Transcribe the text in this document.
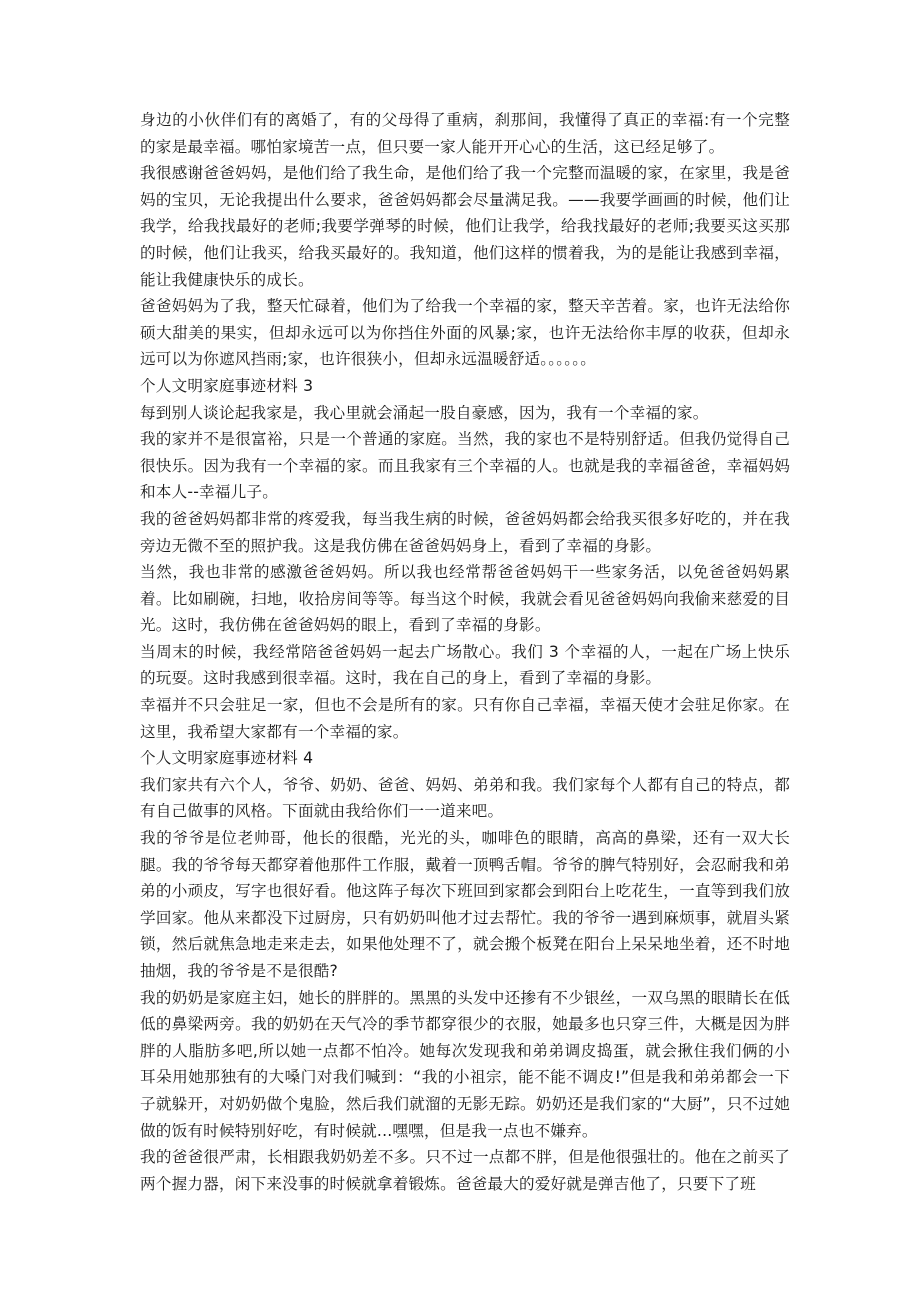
身边的小伙伴们有的离婚了，有的父母得了重病，刹那间，我懂得了真正的幸福:有一个完整的家是最幸福。哪怕家境苦一点，但只要一家人能开开心心的生活，这已经足够了。

我很感谢爸爸妈妈，是他们给了我生命，是他们给了我一个完整而温暖的家，在家里，我是爸妈的宝贝，无论我提出什么要求，爸爸妈妈都会尽量满足我。——我要学画画的时候，他们让我学，给我找最好的老师;我要学弹琴的时候，他们让我学，给我找最好的老师;我要买这买那的时候，他们让我买，给我买最好的。我知道，他们这样的惯着我，为的是能让我感到幸福，能让我健康快乐的成长。

爸爸妈妈为了我，整天忙碌着，他们为了给我一个幸福的家，整天辛苦着。家，也许无法给你硕大甜美的果实，但却永远可以为你挡住外面的风暴;家，也许无法给你丰厚的收获，但却永远可以为你遮风挡雨;家，也许很狭小，但却永远温暖舒适。。。。。。

个人文明家庭事迹材料 3

每到别人谈论起我家是，我心里就会涌起一股自豪感，因为，我有一个幸福的家。

我的家并不是很富裕，只是一个普通的家庭。当然，我的家也不是特别舒适。但我仍觉得自己很快乐。因为我有一个幸福的家。而且我家有三个幸福的人。也就是我的幸福爸爸，幸福妈妈和本人--幸福儿子。

我的爸爸妈妈都非常的疼爱我，每当我生病的时候，爸爸妈妈都会给我买很多好吃的，并在我旁边无微不至的照护我。这是我仿佛在爸爸妈妈身上，看到了幸福的身影。

当然，我也非常的感激爸爸妈妈。所以我也经常帮爸爸妈妈干一些家务活，以免爸爸妈妈累着。比如刷碗，扫地，收拾房间等等。每当这个时候，我就会看见爸爸妈妈向我偷来慈爱的目光。这时，我仿佛在爸爸妈妈的眼上，看到了幸福的身影。

当周末的时候，我经常陪爸爸妈妈一起去广场散心。我们 3 个幸福的人，一起在广场上快乐的玩耍。这时我感到很幸福。这时，我在自己的身上，看到了幸福的身影。

幸福并不只会驻足一家，但也不会是所有的家。只有你自己幸福，幸福天使才会驻足你家。在这里，我希望大家都有一个幸福的家。

个人文明家庭事迹材料 4

我们家共有六个人，爷爷、奶奶、爸爸、妈妈、弟弟和我。我们家每个人都有自己的特点，都有自己做事的风格。下面就由我给你们一一道来吧。

我的爷爷是位老帅哥，他长的很酷，光光的头，咖啡色的眼睛，高高的鼻梁，还有一双大长腿。我的爷爷每天都穿着他那件工作服，戴着一顶鸭舌帽。爷爷的脾气特别好，会忍耐我和弟弟的小顽皮，写字也很好看。他这阵子每次下班回到家都会到阳台上吃花生，一直等到我们放学回家。他从来都没下过厨房，只有奶奶叫他才过去帮忙。我的爷爷一遇到麻烦事，就眉头紧锁，然后就焦急地走来走去，如果他处理不了，就会搬个板凳在阳台上呆呆地坐着，还不时地抽烟，我的爷爷是不是很酷?

我的奶奶是家庭主妇，她长的胖胖的。黑黑的头发中还掺有不少银丝，一双乌黑的眼睛长在低低的鼻梁两旁。我的奶奶在天气冷的季节都穿很少的衣服，她最多也只穿三件，大概是因为胖胖的人脂肪多吧,所以她一点都不怕冷。她每次发现我和弟弟调皮捣蛋，就会揪住我们俩的小耳朵用她那独有的大嗓门对我们喊到：“我的小祖宗，能不能不调皮!”但是我和弟弟都会一下子就躲开，对奶奶做个鬼脸，然后我们就溜的无影无踪。奶奶还是我们家的“大厨”，只不过她做的饭有时候特别好吃，有时候就...嘿嘿，但是我一点也不嫌弃。

我的爸爸很严肃，长相跟我奶奶差不多。只不过一点都不胖，但是他很强壮的。他在之前买了两个握力器，闲下来没事的时候就拿着锻炼。爸爸最大的爱好就是弹吉他了，只要下了班
